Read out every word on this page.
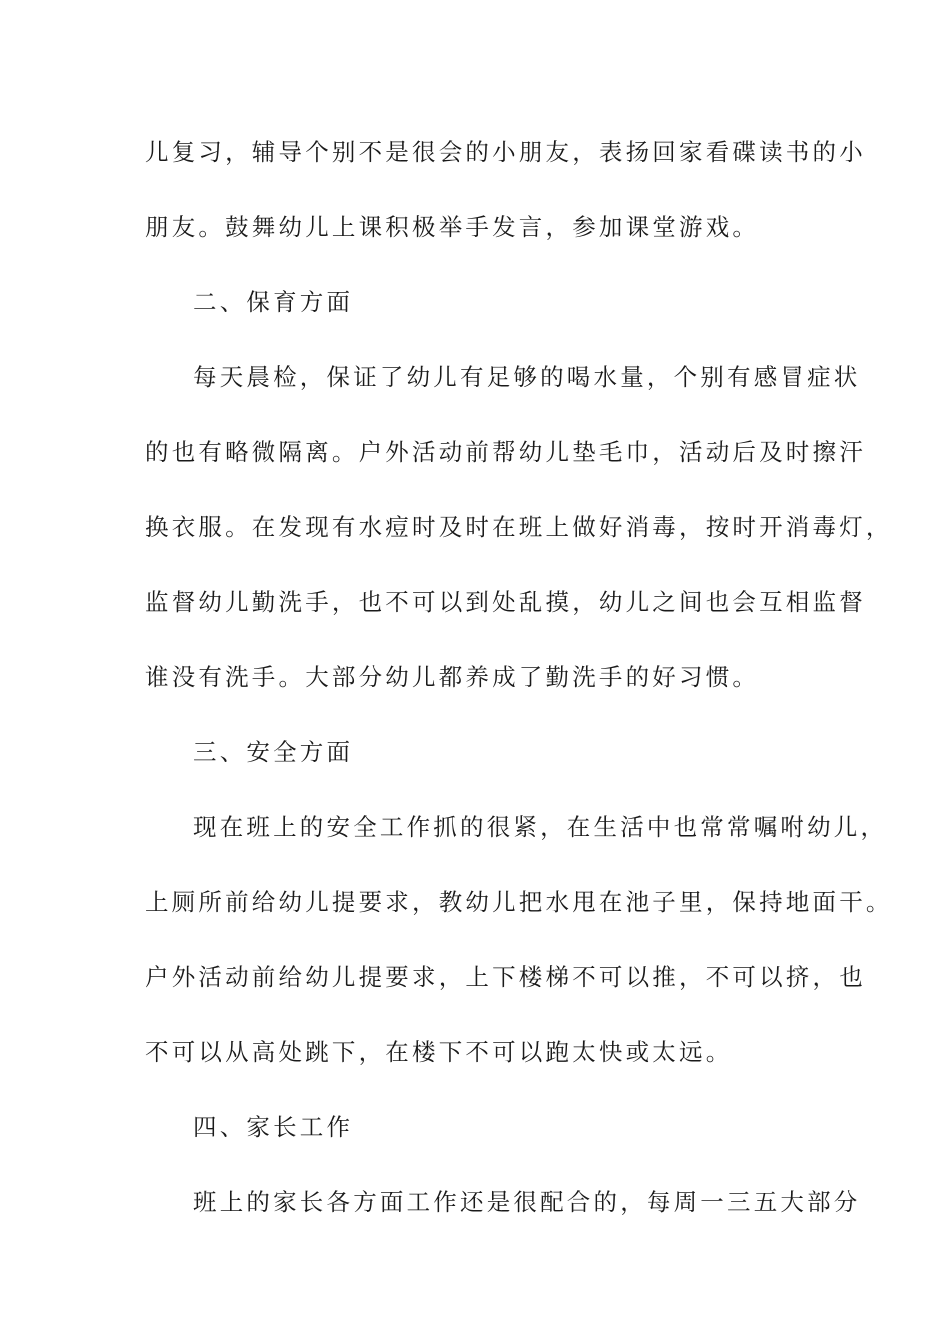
儿复习，辅导个别不是很会的小朋友，表扬回家看碟读书的小
朋友。鼓舞幼儿上课积极举手发言，参加课堂游戏。
二、保育方面
每天晨检，保证了幼儿有足够的喝水量，个别有感冒症状
的也有略微隔离。户外活动前帮幼儿垫毛巾，活动后及时擦汗
换衣服。在发现有水痘时及时在班上做好消毒，按时开消毒灯，
监督幼儿勤洗手，也不可以到处乱摸，幼儿之间也会互相监督
谁没有洗手。大部分幼儿都养成了勤洗手的好习惯。
三、安全方面
现在班上的安全工作抓的很紧，在生活中也常常嘱咐幼儿，
上厕所前给幼儿提要求，教幼儿把水甩在池子里，保持地面干。
户外活动前给幼儿提要求，上下楼梯不可以推，不可以挤，也
不可以从高处跳下，在楼下不可以跑太快或太远。
四、家长工作
班上的家长各方面工作还是很配合的，每周一三五大部分
